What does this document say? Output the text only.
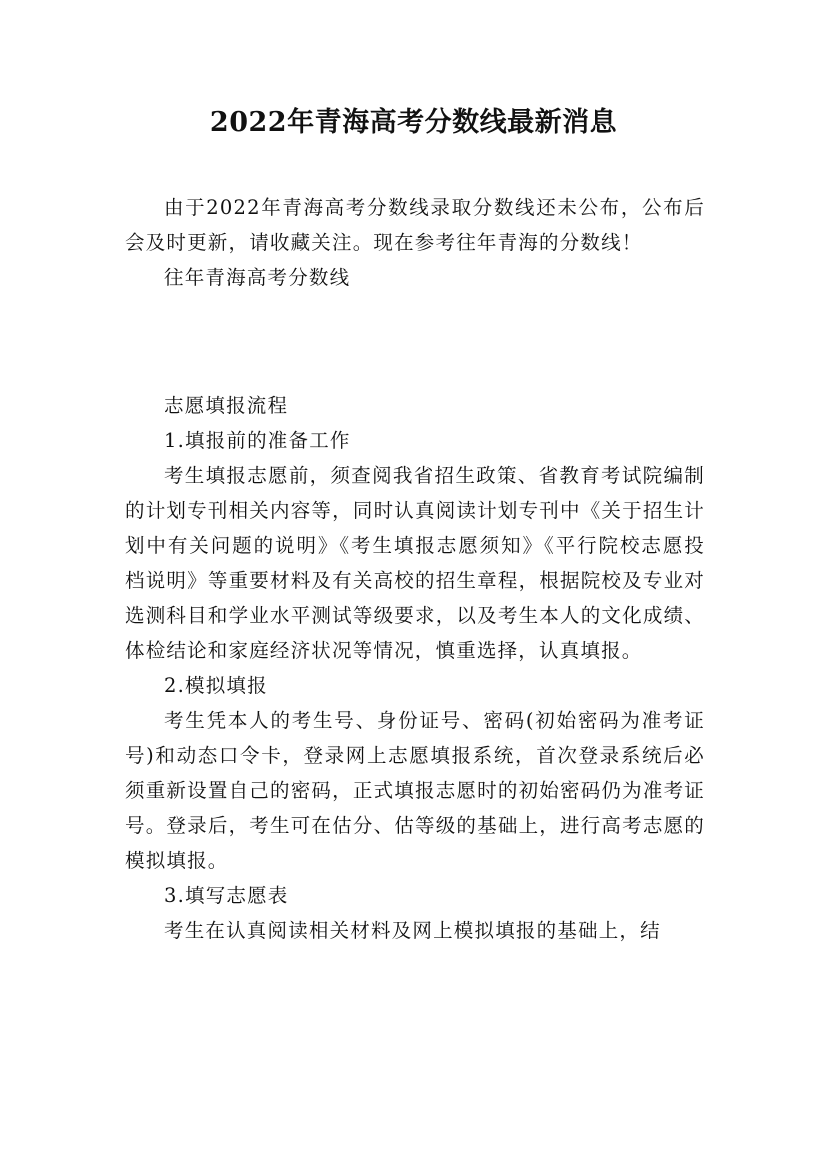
2022年青海高考分数线最新消息

由于2022年青海高考分数线录取分数线还未公布，公布后会及时更新，请收藏关注。现在参考往年青海的分数线！

往年青海高考分数线

志愿填报流程

1.填报前的准备工作

考生填报志愿前，须查阅我省招生政策、省教育考试院编制的计划专刊相关内容等，同时认真阅读计划专刊中《关于招生计划中有关问题的说明》《考生填报志愿须知》《平行院校志愿投档说明》等重要材料及有关高校的招生章程，根据院校及专业对选测科目和学业水平测试等级要求，以及考生本人的文化成绩、体检结论和家庭经济状况等情况，慎重选择，认真填报。

2.模拟填报

考生凭本人的考生号、身份证号、密码(初始密码为准考证号)和动态口令卡，登录网上志愿填报系统，首次登录系统后必须重新设置自己的密码，正式填报志愿时的初始密码仍为准考证号。登录后，考生可在估分、估等级的基础上，进行高考志愿的模拟填报。

3.填写志愿表

考生在认真阅读相关材料及网上模拟填报的基础上，结
